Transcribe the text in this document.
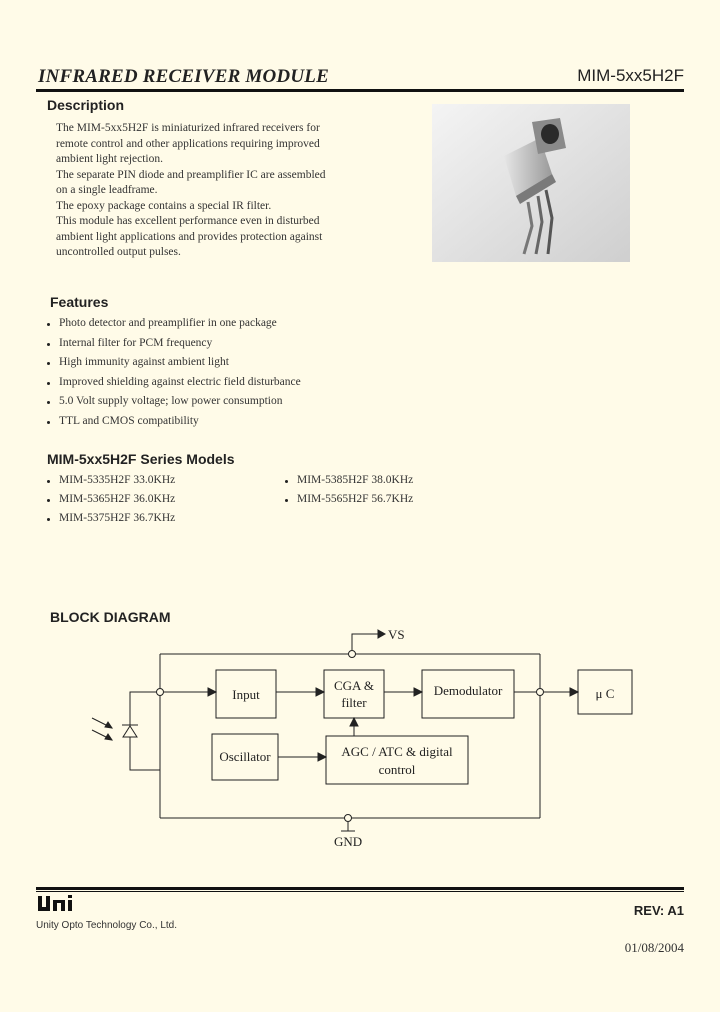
INFRARED RECEIVER MODULE	MIM-5xx5H2F
Description

The MIM-5xx5H2F is miniaturized infrared receivers for

remote control and other applications requiring improved

ambient light rejection.

The separate PIN diode and preamplifier IC are assembled

on a single leadframe.

The epoxy package contains a special IR filter.

This module has excellent performance even in disturbed

ambient light applications and provides protection against

uncontrolled output pulses.

Features
Photo detector and preamplifier in one package
Internal filter for PCM frequency
High immunity against ambient light
Improved shielding against electric field disturbance
5.0 Volt supply voltage; low power consumption
TTL and CMOS compatibility
MIM-5xx5H2F Series Models
MIM-5335H2F 33.0KHz
MIM-5365H2F 36.0KHz
MIM-5375H2F 36.7KHz
MIM-5385H2F 38.0KHz
MIM-5565H2F 56.7KHz
BLOCK DIAGRAM
VS
GND
Input
CGA &
filter
Demodulator	μ C
Oscillator	AGC / ATC & digital
control
Unity Opto Technology Co., Ltd.
REV: A1
01/08/2004
